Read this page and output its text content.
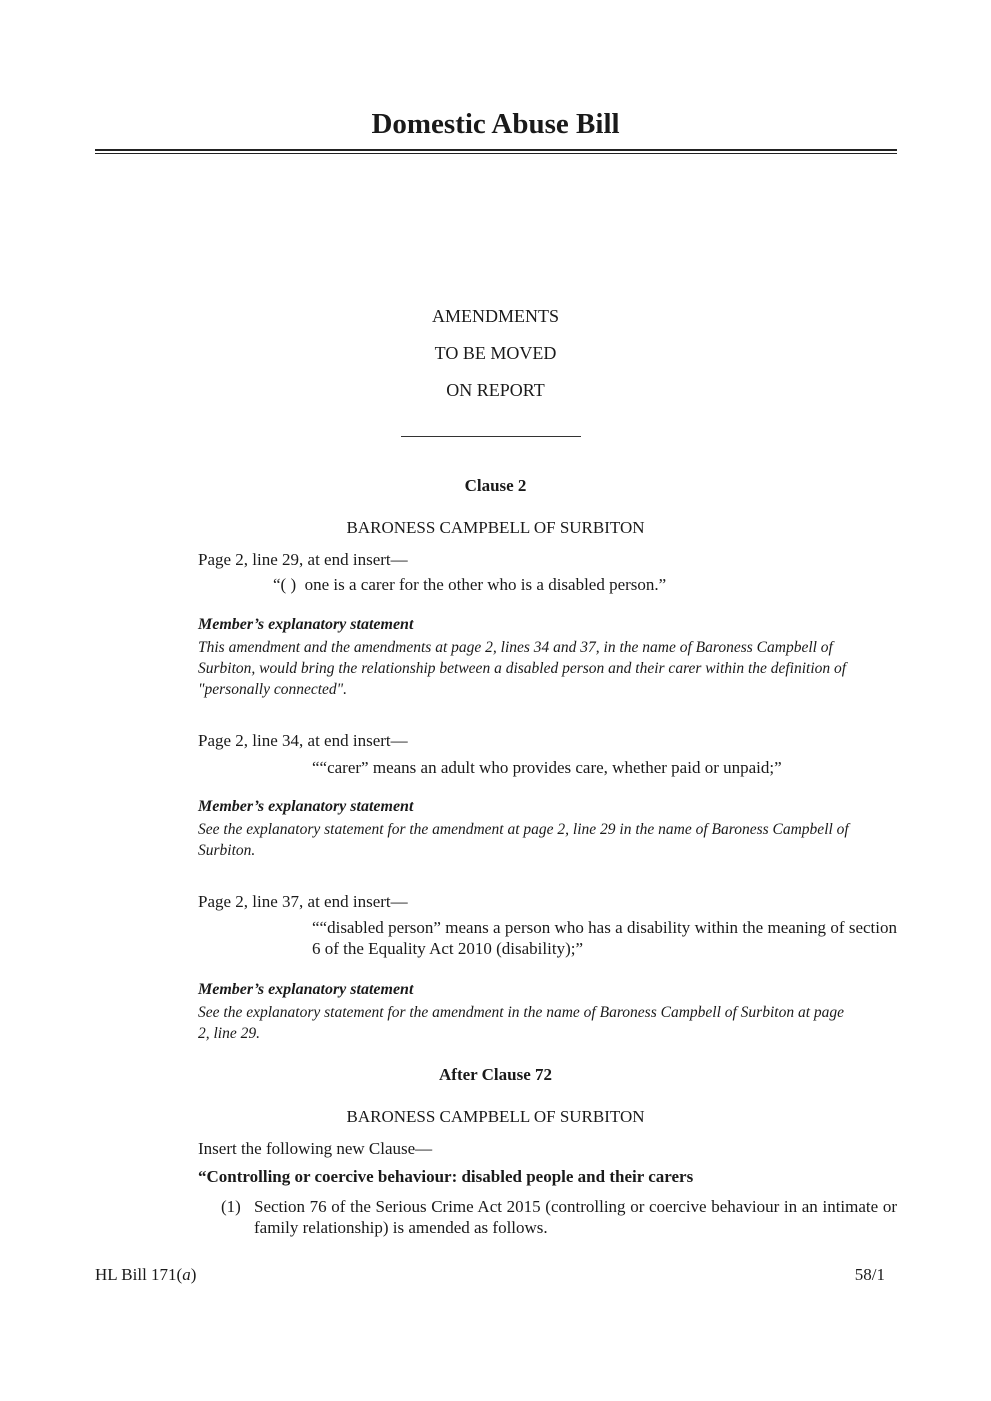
Domestic Abuse Bill
AMENDMENTS
TO BE MOVED
ON REPORT
Clause 2
BARONESS CAMPBELL OF SURBITON
Page 2, line 29, at end insert—
“( ) one is a carer for the other who is a disabled person.”
Member’s explanatory statement
This amendment and the amendments at page 2, lines 34 and 37, in the name of Baroness Campbell of Surbiton, would bring the relationship between a disabled person and their carer within the definition of "personally connected".
Page 2, line 34, at end insert—
““carer” means an adult who provides care, whether paid or unpaid;”
Member’s explanatory statement
See the explanatory statement for the amendment at page 2, line 29 in the name of Baroness Campbell of Surbiton.
Page 2, line 37, at end insert—
““disabled person” means a person who has a disability within the meaning of section 6 of the Equality Act 2010 (disability);”
Member’s explanatory statement
See the explanatory statement for the amendment in the name of Baroness Campbell of Surbiton at page 2, line 29.
After Clause 72
BARONESS CAMPBELL OF SURBITON
Insert the following new Clause—
“Controlling or coercive behaviour: disabled people and their carers
(1) Section 76 of the Serious Crime Act 2015 (controlling or coercive behaviour in an intimate or family relationship) is amended as follows.
HL Bill 171(a)	58/1
